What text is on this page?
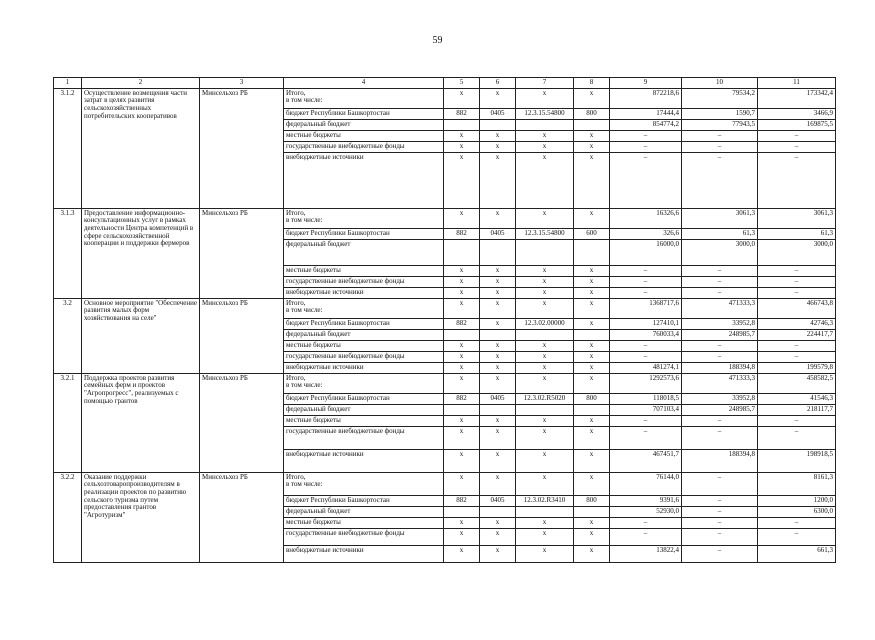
59
1	2	3	4	5	6	7	8	9	10	11
3.1.2	Осуществление возмещения части затрат в целях развития сельскохозяйственных потребительских кооперативов	Минсельхоз РБ	Итого,
в том числе:	x	x	x	x	872218,6	79534,2	173342,4

			бюджет Республики Башкортостан	882	0405	12.3.15.54800	800	17444,4	1590,7	3466,9

			федеральный бюджет					854774,2	77943,5	169875,5

			местные бюджеты	x	x	x	x	–	–	–

			государственные внебюджетные фонды	x	x	x	x	–	–	–

			внебюджетные источники	x	x	x	x	–	–	–
3.1.3	Предоставление информационно-консультационных услуг в рамках деятельности Центра компетенций в сфере сельскохозяйственной кооперации и поддержки фермеров	Минсельхоз РБ	Итого,
в том числе:	x	x	x	x	16326,6	3061,3	3061,3

			бюджет Республики Башкортостан	882	0405	12.3.15.54800	600	326,6	61,3	61,3

			федеральный бюджет					16000,0	3000,0	3000,0

			местные бюджеты	x	x	x	x	–	–	–

			государственные внебюджетные фонды	x	x	x	x	–	–	–

			внебюджетные источники	x	x	x	x	–	–	–
3.2	Основное мероприятие "Обеспечение развития малых форм хозяйствования на селе"	Минсельхоз РБ	Итого,
в том числе:	x	x	x	x	1368717,6	471333,3	466743,8

			бюджет Республики Башкортостан	882	x	12.3.02.00000	x	127410,1	33952,8	42746,3

			федеральный бюджет					760033,4	248985,7	224417,7

			местные бюджеты	x	x	x	x	–	–	–

			государственные внебюджетные фонды	x	x	x	x	–	–	–

			внебюджетные источники	x	x	x	x	481274,1	188394,8	199579,8
3.2.1	Поддержка проектов развития семейных ферм и проектов "Агропрогресс", реализуемых с помощью грантов	Минсельхоз РБ	Итого,
в том числе:	x	x	x	x	1292573,6	471333,3	458582,5

			бюджет Республики Башкортостан	882	0405	12.3.02.R5020	800	118018,5	33952,8	41546,3

			федеральный бюджет					707103,4	248985,7	218117,7

			местные бюджеты	x	x	x	x	–	–	–

			государственные внебюджетные фонды	x	x	x	x	–	–	–

			внебюджетные источники	x	x	x	x	467451,7	188394,8	198918,5
3.2.2	Оказание поддержки сельхозтоваропроизводителям в реализации проектов по развитию сельского туризма путем предоставления грантов "Агротуризм"	Минсельхоз РБ	Итого,
в том числе:	x	x	x	x	76144,0	–	8161,3

			бюджет Республики Башкортостан	882	0405	12.3.02.R3410	800	9391,6	–	1200,0

			федеральный бюджет					52930,0	–	6300,0

			местные бюджеты	x	x	x	x	–	–	–

			государственные внебюджетные фонды	x	x	x	x	–	–	–

			внебюджетные источники	x	x	x	x	13822,4	–	661,3
